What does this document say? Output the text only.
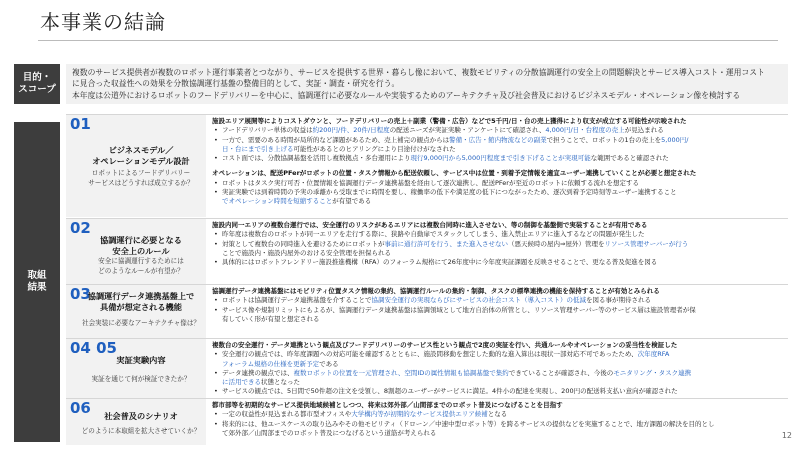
本事業の結論
目的・
スコープ
複数のサービス提供者が複数のロボット運行事業者とつながり、サービスを提供する世界・暮らし像において、複数モビリティの分散協調運行の安全上の問題解決とサービス導入コスト・運用コスト
に見合った収益性への効果を分散協調運行基盤の整備目的として、実証・調査・研究を行う。
本年度は公道外におけるロボットのフードデリバリーを中心に、協調運行に必要なルールや実装するためのアーキテクチャ及び社会普及におけるビジネスモデル・オペレーション像を検討する
取組
結果
01
ビジネスモデル／
オペレーションモデル設計
ロボットによるフードデリバリー
サービスはどうすれば成立するか？
施設エリア展開等によりコストダウンと、フードデリバリーの売上＋副業（警備・広告）などで5千円/日・台の売上獲得により収支が成立する可能性が示唆された
• フードデリバリー単体の収益は約200円/件、20件/日程度の配送ニーズが実証実験・アンケートにて確認され、4,000円/日・台程度の売上が見込まれる
• 一方で、需要のある時間が局所的など課題があるため、売上補完の観点からは警備・広告・館内物流などの副業で担うことで、ロボットの1台の売上を5,000円/
日・台にまで引き上げる可能性があるとのヒアリングにより目途付けがなされた
• コスト面では、分散協調基盤を活用し複数拠点・多台運用により現行9,000円から5,000円程度まで引き下げることが実現可能な範囲であると確認された
オペレーションは、配送PFerがロボットの位置・タスク情報から配送依頼し、サービス中は位置・到着予定情報を適宜ユーザー連携していくことが必要と想定された
• ロボットはタスク実行可否・位置情報を協調運行データ連携基盤を経由して逐次連携し、配送PFerが至近のロボットに依頼する流れを想定する
• 実証実験では到着時間の予実の乖離から受取までに時間を要し、稼働率の低下や満足度の低下につながったため、逐次到着予定時刻等ユーザー連携すること
でオペレーション時間を短縮することが有望である
02
協調運行に必要となる
安全上のルール
安全に協調運行するためには
どのようなルールが有望か？
施設内同一エリアの複数台運行では、安全運行のリスクがあるエリアには複数台同時に進入させない、等の制御を基盤側で実装することが有用である
• 昨年度は複数台のロボットが同一エリアを走行する際に、狭路や自動扉でスタックしてしまう、進入禁止エリアに進入するなどの問題が発生した
• 対策として複数台の同時進入を避けるためにロボットが事前に通行許可を行う、また進入させない（悪天候時の屋内⇒屋外）管理をリソース管理サーバーが行う
ことで施設内・施設内屋外のおける安全管理を担保られる
• 具体的にはロボットフレンドリー施設推進機構（RFA）のフォーラム規格にて26年度中に今年度実証課題を反映させることで、更なる普及促進を図る
03
協調運行データ連携基盤上で
具備が想定される機能
社会実装に必要なアーキテクチャ像は？
協調運行データ連携基盤にはモビリティ位置タスク情報の集約、協調運行ルールの集約・制御、タスクの標準連携の機能を保持することが有効とみられる
• ロボットは協調運行データ連携基盤を介することで協調安全運行の実現ならびにサービスの社会コスト（導入コスト）の低減を図る事が期待される
• サービス像や規制リミットにもよるが、協調運行データ連携基盤は協調領域として地方自治体の所管とし、リソース管理サーバー等のサービス層は施設管理者が保
有していく形が有望と想定される
04 05
実証実験内容
実証を通じて何が検証できたか？
複数台の安全運行・データ連携という観点及びフードデリバリーのサービス性という観点で2度の実証を行い、共通ルールやオペレーションの妥当性を検証した
• 安全運行の観点では、昨年度課題への対応可能を確認するとともに、施設間移動を想定した動的な進入算出は現状一部対応不可であったため、次年度RFA
フォーラム規格の仕様を更新予定である
• データ連携の観点では、複数ロボットの位置を一元管理され、空間IDの属性情報も協調基盤で集約できていることが確認され、今後のモニタリング・タスク連携
に活用できる状態となった
• サービスの観点では、5日間で50件超の注文を受領し、8割超のユーザーがサービスに満足。4件小の配達を実現し、200円の配送料支払い意向が確認された
06	社会普及のシナリオ
どのように本取組を拡大させていくか？
都市部等を初期的なサービス提供地域候補としつつ、将来は郊外部／山間部までのロボット普及につなげることを目指す
• 一定の収益性が見込まれる都市型オフィスや大学構内等が初期的なサービス提供エリア候補となる
• 将来的には、他ユースケースの取り込みやその他モビリティ（ドローン／中速中型ロボット等）を跨るサービスの提供などを実施することで、地方課題の解決を目的とし
て郊外部／山間部までのロボット普及につなげるという道筋が考えられる	12
